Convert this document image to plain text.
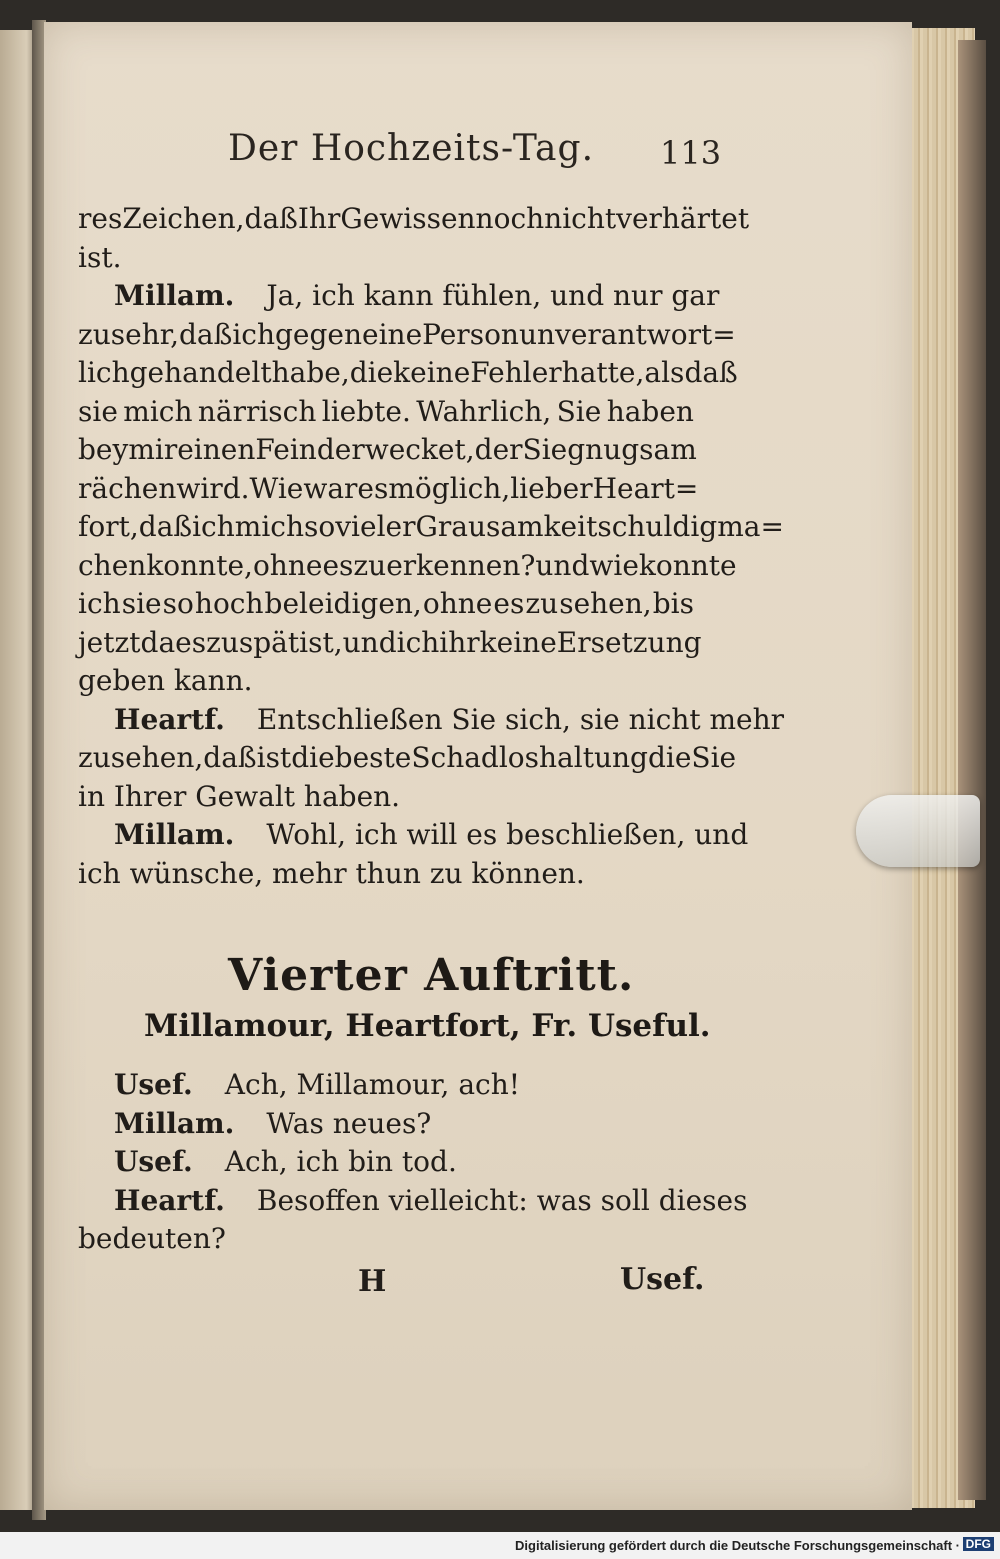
Der Hochzeits-Tag. 113
res Zeichen, daß Ihr Gewissen noch nicht verhärtet
ist.
Millam. Ja, ich kann fühlen, und nur gar
zu sehr, daß ich gegen eine Person unverantwort=
lich gehandelt habe, die keine Fehler hatte, als daß
sie mich närrisch liebte. Wahrlich, Sie haben
bey mir einen Feind erwecket, der Sie gnugsam
rächen wird. Wie war es möglich, lieber Heart=
fort, daß ich mich so vieler Grausamkeit schuldig ma=
chen konnte, ohne es zu erkennen? und wie konnte
ich sie so hoch beleidigen, ohne es zu sehen, bis
jetzt da es zu spät ist, und ich ihr keine Ersetzung
geben kann.
Heartf. Entschließen Sie sich, sie nicht mehr
zu sehen, daß ist die beste Schadloshaltung die Sie
in Ihrer Gewalt haben.
Millam. Wohl, ich will es beschließen, und
ich wünsche, mehr thun zu können.
Vierter Auftritt.
Millamour, Heartfort, Fr. Useful.
Usef. Ach, Millamour, ach!
Millam. Was neues?
Usef. Ach, ich bin tod.
Heartf. Besoffen vielleicht: was soll dieses
bedeuten?
H	Usef.
Digitalisierung gefördert durch die Deutsche Forschungsgemeinschaft · DFG
